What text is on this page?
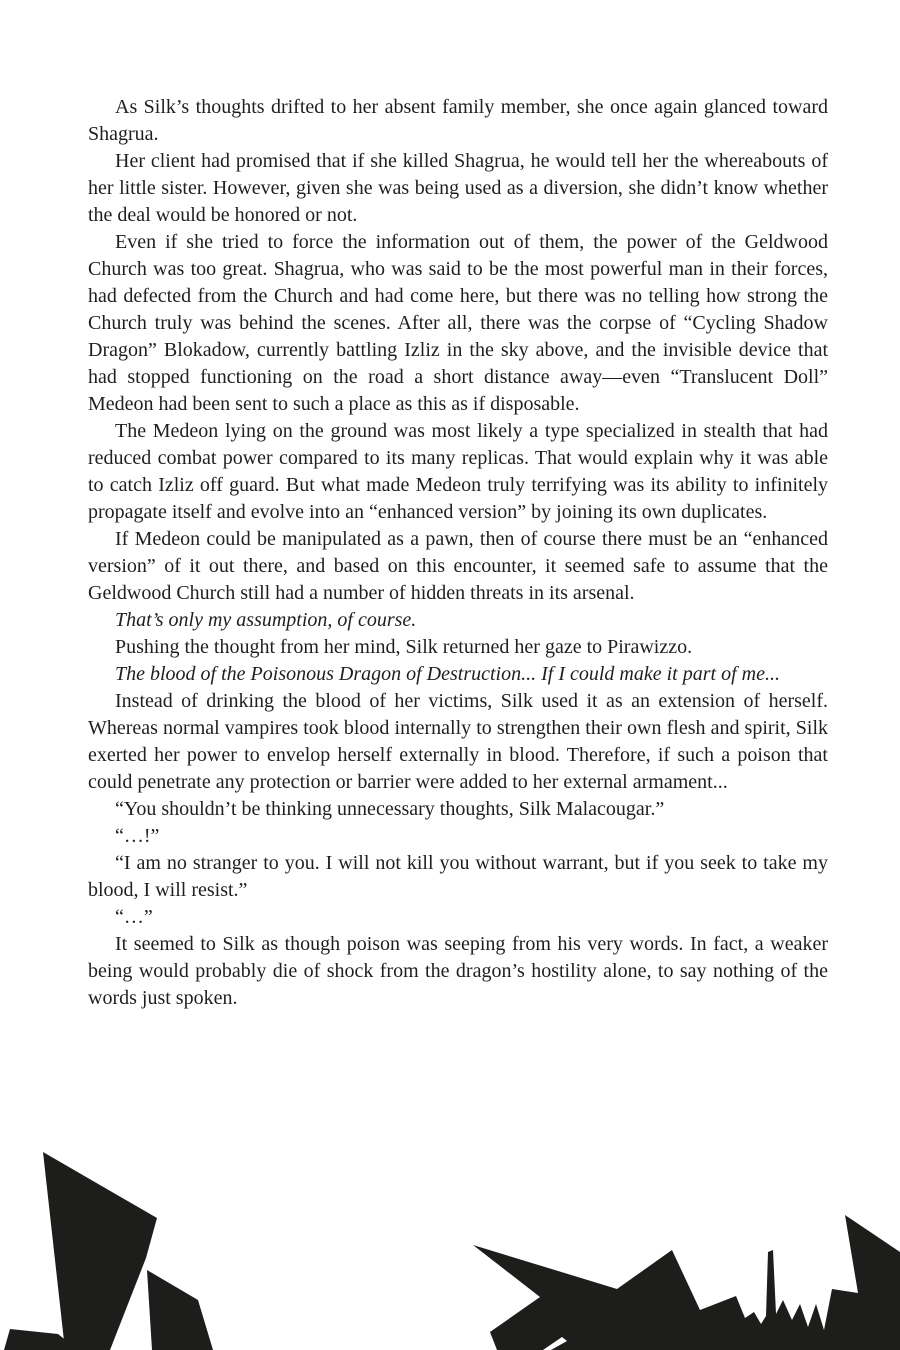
As Silk’s thoughts drifted to her absent family member, she once again glanced toward Shagrua.

Her client had promised that if she killed Shagrua, he would tell her the whereabouts of her little sister. However, given she was being used as a diversion, she didn’t know whether the deal would be honored or not.

Even if she tried to force the information out of them, the power of the Geldwood Church was too great. Shagrua, who was said to be the most powerful man in their forces, had defected from the Church and had come here, but there was no telling how strong the Church truly was behind the scenes. After all, there was the corpse of “Cycling Shadow Dragon” Blokadow, currently battling Izliz in the sky above, and the invisible device that had stopped functioning on the road a short distance away—even “Translucent Doll” Medeon had been sent to such a place as this as if disposable.

The Medeon lying on the ground was most likely a type specialized in stealth that had reduced combat power compared to its many replicas. That would explain why it was able to catch Izliz off guard. But what made Medeon truly terrifying was its ability to infinitely propagate itself and evolve into an “enhanced version” by joining its own duplicates.

If Medeon could be manipulated as a pawn, then of course there must be an “enhanced version” of it out there, and based on this encounter, it seemed safe to assume that the Geldwood Church still had a number of hidden threats in its arsenal.

That’s only my assumption, of course.

Pushing the thought from her mind, Silk returned her gaze to Pirawizzo.

The blood of the Poisonous Dragon of Destruction... If I could make it part of me...

Instead of drinking the blood of her victims, Silk used it as an extension of herself. Whereas normal vampires took blood internally to strengthen their own flesh and spirit, Silk exerted her power to envelop herself externally in blood. Therefore, if such a poison that could penetrate any protection or barrier were added to her external armament...

“You shouldn’t be thinking unnecessary thoughts, Silk Malacougar.”

“…!”

“I am no stranger to you. I will not kill you without warrant, but if you seek to take my blood, I will resist.”

“…”

It seemed to Silk as though poison was seeping from his very words. In fact, a weaker being would probably die of shock from the dragon’s hostility alone, to say nothing of the words just spoken.
